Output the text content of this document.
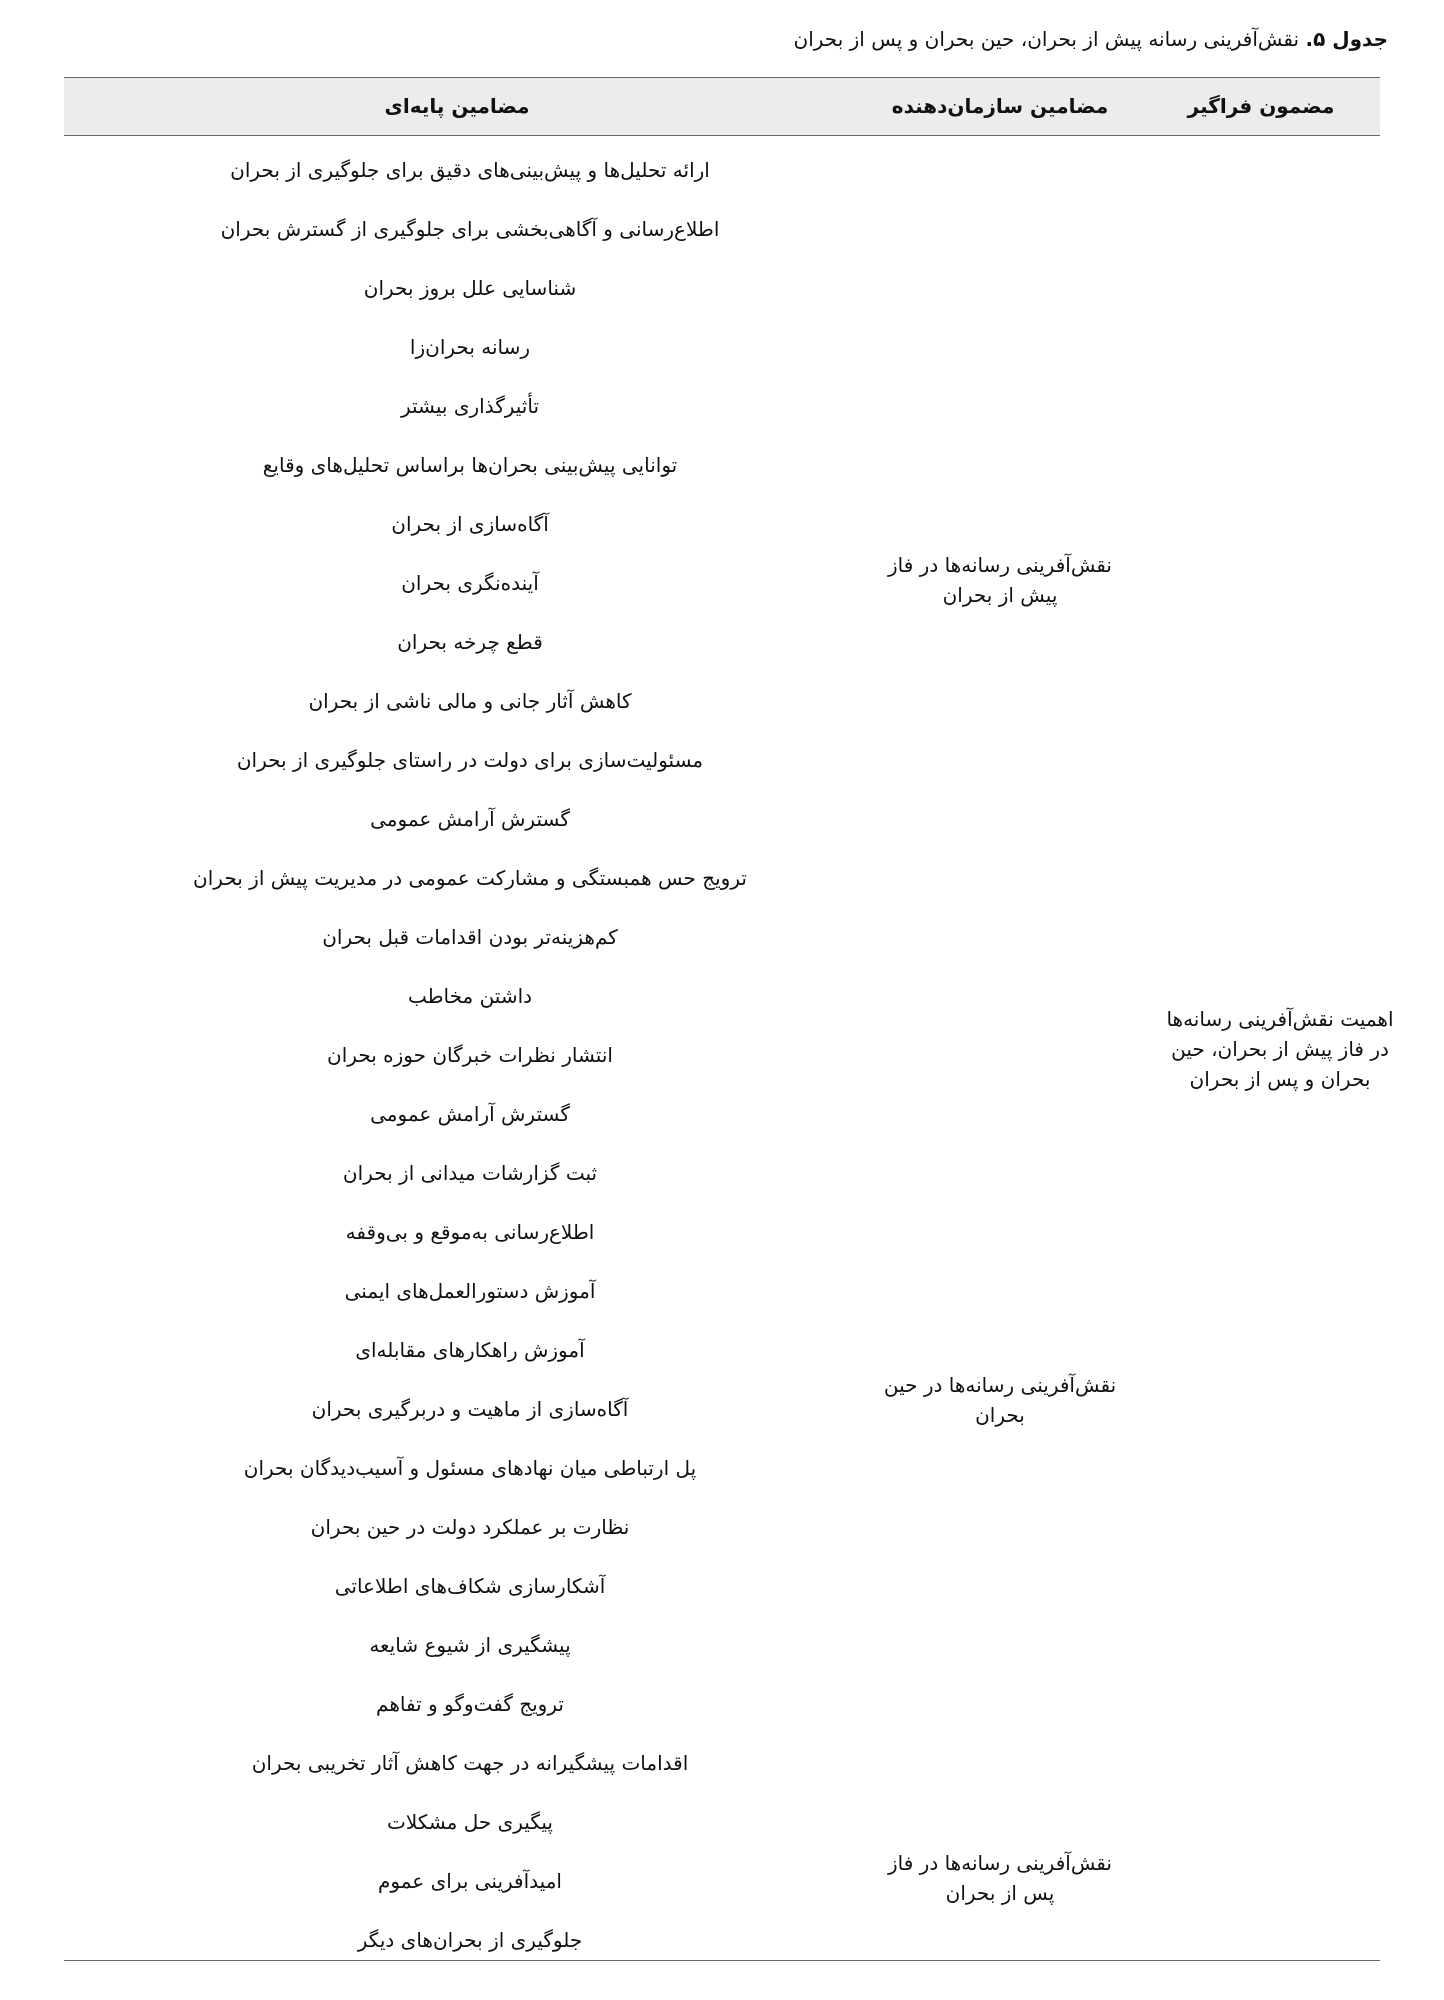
جدول ۵. نقش‌آفرینی رسانه پیش از بحران، حین بحران و پس از بحران
مضمون فراگیر
مضامین سازمان‌دهنده
مضامین پایه‌ای
ارائه تحلیل‌ها و پیش‌بینی‌های دقیق برای جلوگیری از بحران
اطلاع‌رسانی و آگاهی‌بخشی برای جلوگیری از گسترش بحران
شناسایی علل بروز بحران
رسانه بحران‌زا
تأثیرگذاری بیشتر
توانایی پیش‌بینی بحران‌ها براساس تحلیل‌های وقایع
آگاه‌سازی از بحران
آینده‌نگری بحران
قطع چرخه بحران
کاهش آثار جانی و مالی ناشی از بحران
مسئولیت‌سازی برای دولت در راستای جلوگیری از بحران
گسترش آرامش عمومی
ترویج حس همبستگی و مشارکت عمومی در مدیریت پیش از بحران
کم‌هزینه‌تر بودن اقدامات قبل بحران
داشتن مخاطب
انتشار نظرات خبرگان حوزه بحران
گسترش آرامش عمومی
ثبت گزارشات میدانی از بحران
اطلاع‌رسانی به‌موقع و بی‌وقفه
آموزش دستورالعمل‌های ایمنی
آموزش راهکارهای مقابله‌ای
آگاه‌سازی از ماهیت و دربرگیری بحران
پل ارتباطی میان نهادهای مسئول و آسیب‌دیدگان بحران
نظارت بر عملکرد دولت در حین بحران
آشکارسازی شکاف‌های اطلاعاتی
پیشگیری از شیوع شایعه
ترویج گفت‌وگو و تفاهم
اقدامات پیشگیرانه در جهت کاهش آثار تخریبی بحران
پیگیری حل مشکلات
امیدآفرینی برای عموم
جلوگیری از بحران‌های دیگر
نقش‌آفرینی رسانه‌ها در فاز پیش از بحران
نقش‌آفرینی رسانه‌ها در حین بحران
نقش‌آفرینی رسانه‌ها در فاز پس از بحران
اهمیت نقش‌آفرینی رسانه‌ها در فاز پیش از بحران، حین بحران و پس از بحران
